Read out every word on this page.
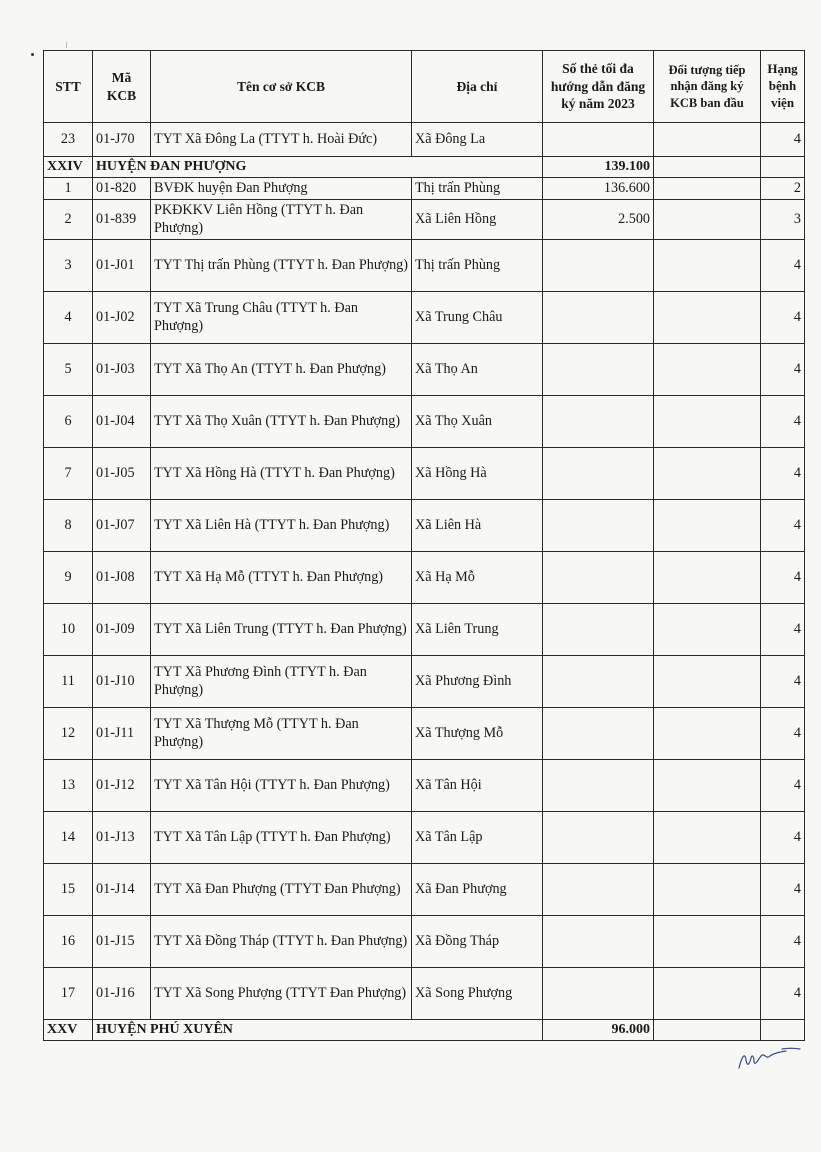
STT	Mã KCB	Tên cơ sở KCB	Địa chỉ	Số thẻ tối đa hướng dẫn đăng ký năm 2023	Đối tượng tiếp nhận đăng ký KCB ban đầu	Hạng bệnh viện
23	01-J70	TYT Xã Đông La (TTYT h. Hoài Đức)	Xã Đông La			4
XXIV	HUYỆN ĐAN PHƯỢNG			139.100		
1	01-820	BVĐK huyện Đan Phượng	Thị trấn Phùng	136.600		2
2	01-839	PKĐKKV Liên Hồng (TTYT h. Đan Phượng)	Xã Liên Hồng	2.500		3
3	01-J01	TYT Thị trấn Phùng (TTYT h. Đan Phượng)	Thị trấn Phùng			4
4	01-J02	TYT Xã Trung Châu (TTYT h. Đan Phượng)	Xã Trung Châu			4
5	01-J03	TYT Xã Thọ An (TTYT h. Đan Phượng)	Xã Thọ An			4
6	01-J04	TYT Xã Thọ Xuân (TTYT h. Đan Phượng)	Xã Thọ Xuân			4
7	01-J05	TYT Xã Hồng Hà (TTYT h. Đan Phượng)	Xã Hồng Hà			4
8	01-J07	TYT Xã Liên Hà (TTYT h. Đan Phượng)	Xã Liên Hà			4
9	01-J08	TYT Xã Hạ Mỗ (TTYT h. Đan Phượng)	Xã Hạ Mỗ			4
10	01-J09	TYT Xã Liên Trung (TTYT h. Đan Phượng)	Xã Liên Trung			4
11	01-J10	TYT Xã Phương Đình (TTYT h. Đan Phượng)	Xã Phương Đình			4
12	01-J11	TYT Xã Thượng Mỗ (TTYT h. Đan Phượng)	Xã Thượng Mỗ			4
13	01-J12	TYT Xã Tân Hội (TTYT h. Đan Phượng)	Xã Tân Hội			4
14	01-J13	TYT Xã Tân Lập (TTYT h. Đan Phượng)	Xã Tân Lập			4
15	01-J14	TYT Xã Đan Phượng (TTYT Đan Phượng)	Xã Đan Phượng			4
16	01-J15	TYT Xã Đồng Tháp (TTYT h. Đan Phượng)	Xã Đồng Tháp			4
17	01-J16	TYT Xã Song Phượng (TTYT Đan Phượng)	Xã Song Phượng			4
XXV	HUYỆN PHÚ XUYÊN			96.000		
